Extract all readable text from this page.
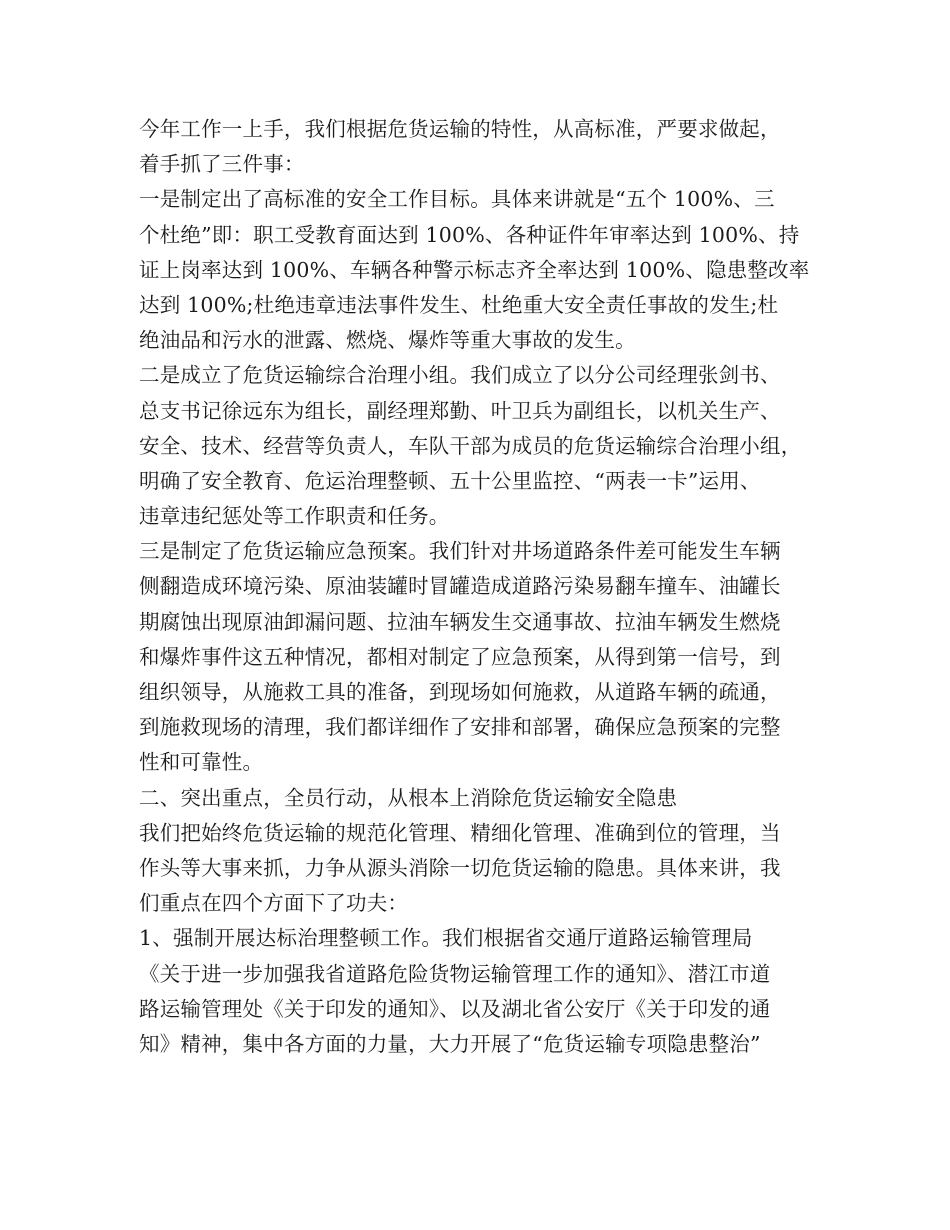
今年工作一上手，我们根据危货运输的特性，从高标准，严要求做起，
着手抓了三件事：
一是制定出了高标准的安全工作目标。具体来讲就是“五个 100%、三
个杜绝”即：职工受教育面达到 100%、各种证件年审率达到 100%、持
证上岗率达到 100%、车辆各种警示标志齐全率达到 100%、隐患整改率
达到 100%;杜绝违章违法事件发生、杜绝重大安全责任事故的发生;杜
绝油品和污水的泄露、燃烧、爆炸等重大事故的发生。
二是成立了危货运输综合治理小组。我们成立了以分公司经理张剑书、
总支书记徐远东为组长，副经理郑勤、叶卫兵为副组长，以机关生产、
安全、技术、经营等负责人，车队干部为成员的危货运输综合治理小组，
明确了安全教育、危运治理整顿、五十公里监控、“两表一卡”运用、
违章违纪惩处等工作职责和任务。
三是制定了危货运输应急预案。我们针对井场道路条件差可能发生车辆
侧翻造成环境污染、原油装罐时冒罐造成道路污染易翻车撞车、油罐长
期腐蚀出现原油卸漏问题、拉油车辆发生交通事故、拉油车辆发生燃烧
和爆炸事件这五种情况，都相对制定了应急预案，从得到第一信号，到
组织领导，从施救工具的准备，到现场如何施救，从道路车辆的疏通，
到施救现场的清理，我们都详细作了安排和部署，确保应急预案的完整
性和可靠性。
二、突出重点，全员行动，从根本上消除危货运输安全隐患
我们把始终危货运输的规范化管理、精细化管理、准确到位的管理，当
作头等大事来抓，力争从源头消除一切危货运输的隐患。具体来讲，我
们重点在四个方面下了功夫：
1、强制开展达标治理整顿工作。我们根据省交通厅道路运输管理局
《关于进一步加强我省道路危险货物运输管理工作的通知》、潜江市道
路运输管理处《关于印发的通知》、以及湖北省公安厅《关于印发的通
知》精神，集中各方面的力量，大力开展了“危货运输专项隐患整治”
